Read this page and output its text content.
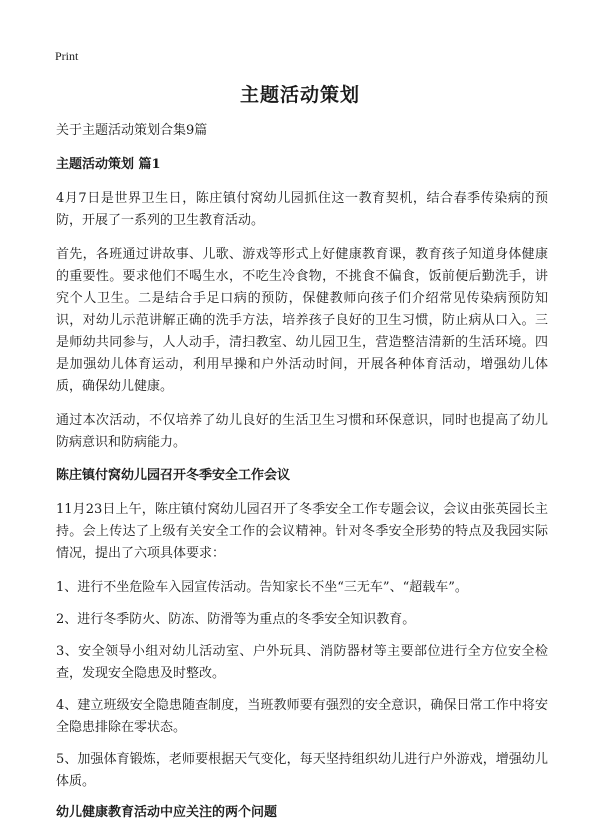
Print
主题活动策划
关于主题活动策划合集9篇
主题活动策划 篇1

4月7日是世界卫生日，陈庄镇付窝幼儿园抓住这一教育契机，结合春季传染病的预防，开展了一系列的卫生教育活动。

首先，各班通过讲故事、儿歌、游戏等形式上好健康教育课，教育孩子知道身体健康的重要性。要求他们不喝生水，不吃生冷食物，不挑食不偏食，饭前便后勤洗手，讲究个人卫生。二是结合手足口病的预防，保健教师向孩子们介绍常见传染病预防知识，对幼儿示范讲解正确的洗手方法，培养孩子良好的卫生习惯，防止病从口入。三是师幼共同参与，人人动手，清扫教室、幼儿园卫生，营造整洁清新的生活环境。四是加强幼儿体育运动，利用早操和户外活动时间，开展各种体育活动，增强幼儿体质，确保幼儿健康。

通过本次活动，不仅培养了幼儿良好的生活卫生习惯和环保意识，同时也提高了幼儿防病意识和防病能力。

陈庄镇付窝幼儿园召开冬季安全工作会议

11月23日上午，陈庄镇付窝幼儿园召开了冬季安全工作专题会议，会议由张英园长主持。会上传达了上级有关安全工作的会议精神。针对冬季安全形势的特点及我园实际情况，提出了六项具体要求：

1、进行不坐危险车入园宣传活动。告知家长不坐“三无车”、“超载车”。

2、进行冬季防火、防冻、防滑等为重点的冬季安全知识教育。

3、安全领导小组对幼儿活动室、户外玩具、消防器材等主要部位进行全方位安全检查，发现安全隐患及时整改。

4、建立班级安全隐患随查制度，当班教师要有强烈的安全意识，确保日常工作中将安全隐患排除在零状态。

5、加强体育锻炼，老师要根据天气变化，每天坚持组织幼儿进行户外游戏，增强幼儿体质。

幼儿健康教育活动中应关注的两个问题
